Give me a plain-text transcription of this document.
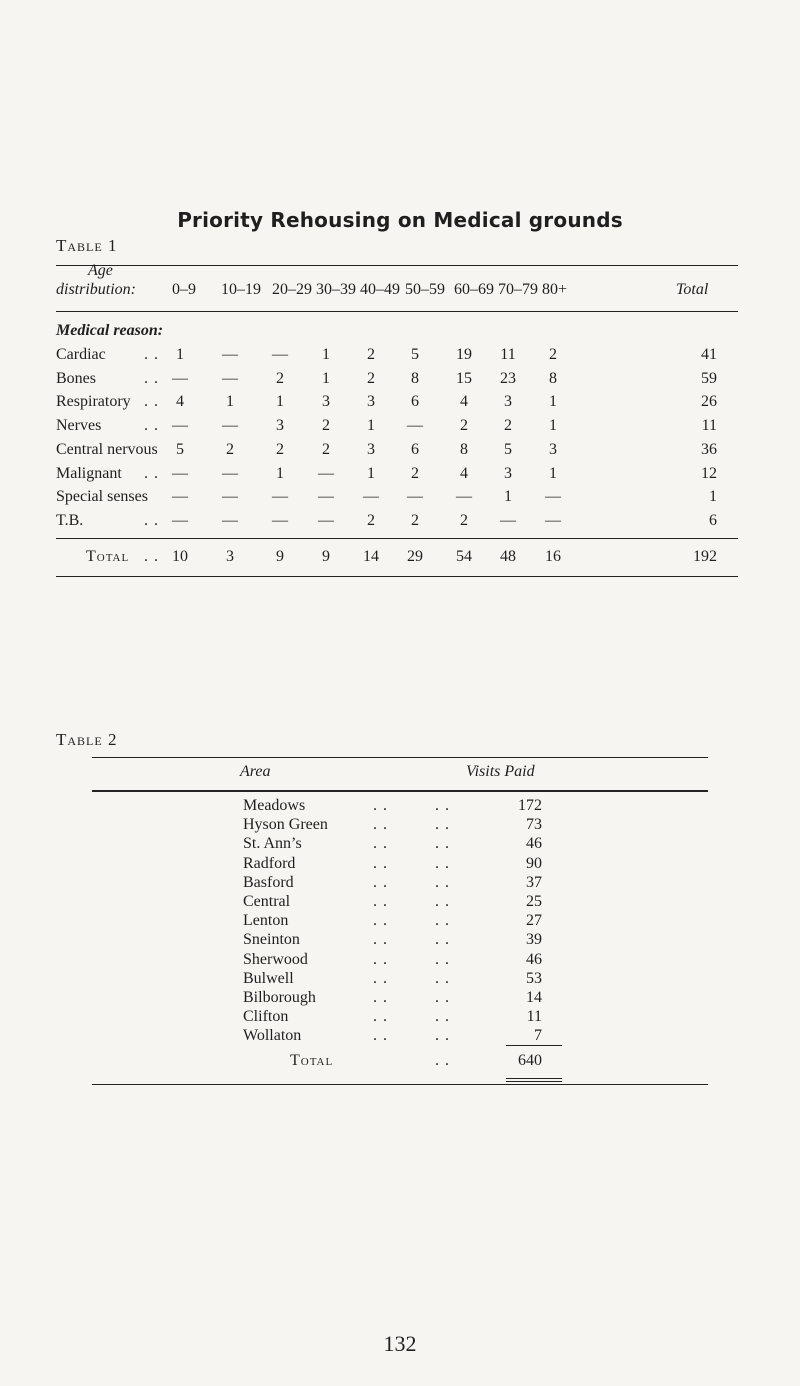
Priority Rehousing on Medical grounds
Table 1
Age
distribution: 0–9 10–19 20–29 30–39 40–49 50–59 60–69 70–79 80+	Total
Medical reason:
Cardiac . .	1	—	—	1	2	5	19	11	2	41
Bones	. . —	—	2	1	2	8	15	23	8	59
Respiratory . .	4	1	1	3	3	6	4	3	1	26
Nerves	. . —	—	3	2	1	—	2	2	1	11
Central nervous	5	2	2	2	3	6	8	5	3	36
Malignant . . —	—	1	—	1	2	4	3	1	12
Special senses	—	—	—	—	—	—	—	1	—	1
T.B.	. . —	—	—	—	2	2	2	—	—	6
Total . . 10	3	9	9	14	29	54	48	16	192
Table 2
Area	Visits Paid
Meadows	. .	. .	172
Hyson Green	. .	. .	73
St. Ann’s	. .	. .	46
Radford	. .	. .	90
Basford	. .	. .	37
Central	. .	. .	25
Lenton	. .	. .	27
Sneinton	. .	. .	39
Sherwood	. .	. .	46
Bulwell	. .	. .	53
Bilborough	. .	. .	14
Clifton	. .	. .	11
Wollaton	. .	. .	7
Total	. .	640
132
